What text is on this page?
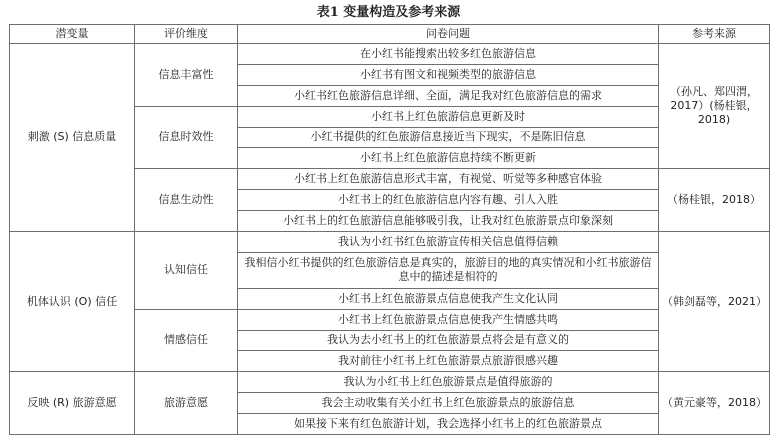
表1 变量构造及参考来源
潜变量	评价维度	问卷问题	参考来源
刺激 (S) 信息质量	信息丰富性	在小红书能搜索出较多红色旅游信息	（孙凡、郑四渭，2017）(杨桂银，2018)
		小红书有图文和视频类型的旅游信息	
		小红书红色旅游信息详细、全面，满足我对红色旅游信息的需求	
	信息时效性	小红书上红色旅游信息更新及时	
		小红书提供的红色旅游信息接近当下现实，不是陈旧信息	
		小红书上红色旅游信息持续不断更新	
	信息生动性	小红书上红色旅游信息形式丰富，有视觉、听觉等多种感官体验	（杨桂银，2018）
		小红书上的红色旅游信息内容有趣、引人入胜	
		小红书上的红色旅游信息能够吸引我，让我对红色旅游景点印象深刻	
机体认识 (O) 信任	认知信任	我认为小红书红色旅游宣传相关信息值得信赖	（韩剑磊等，2021）
		我相信小红书提供的红色旅游信息是真实的，旅游目的地的真实情况和小红书旅游信息中的描述是相符的	
		小红书上红色旅游景点信息使我产生文化认同	
	情感信任	小红书上红色旅游景点信息使我产生情感共鸣	
		我认为去小红书上的红色旅游景点将会是有意义的	
		我对前往小红书上红色旅游景点旅游很感兴趣	
反映 (R) 旅游意愿	旅游意愿	我认为小红书上红色旅游景点是值得旅游的	（黄元豪等，2018）
		我会主动收集有关小红书上红色旅游景点的旅游信息	
		如果接下来有红色旅游计划，我会选择小红书上的红色旅游景点	
